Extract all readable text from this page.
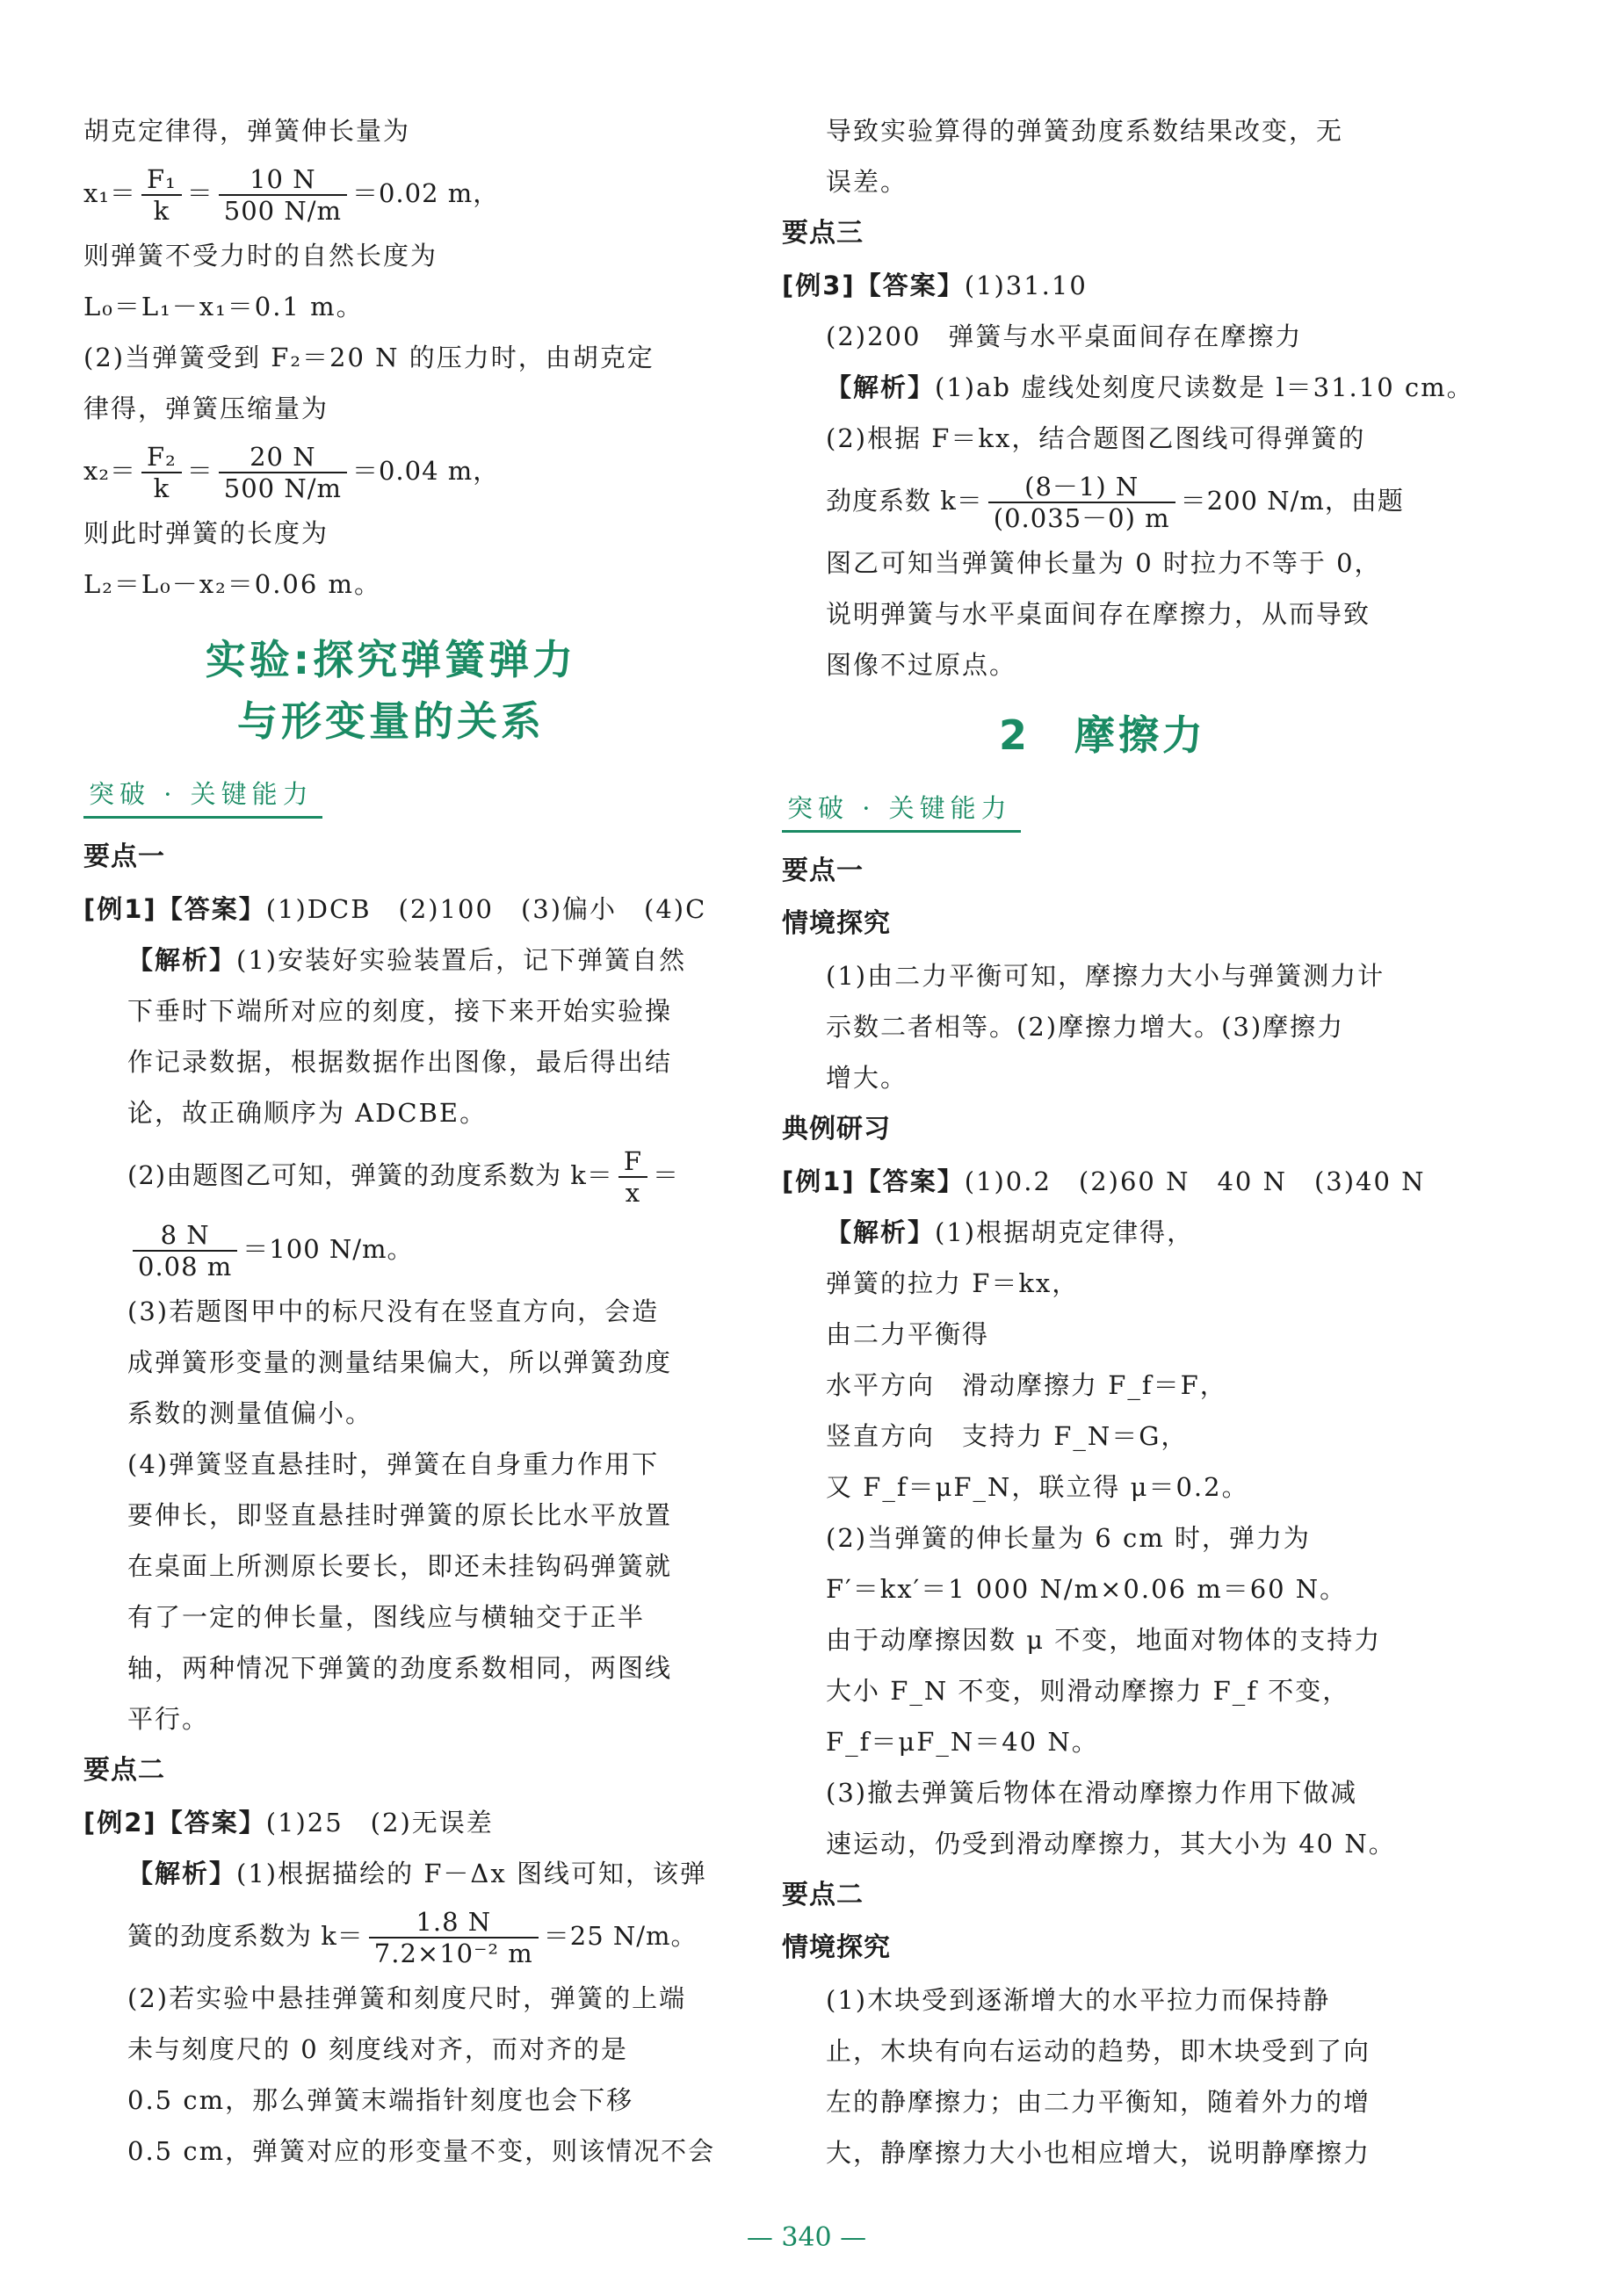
胡克定律得，弹簧伸长量为
$x_1= \frac{\text{F₁}}{k} = \frac{10 N}{500 N/m} =0.02$ m，
则弹簧不受力时的自然长度为
L₀＝L₁－x₁＝0.1 m。
(2)当弹簧受到 F₂＝20 N 的压力时，由胡克定
律得，弹簧压缩量为
$x_2= \frac{\text{F₂}}{k} = \frac{20 N}{500 N/m} =0.04$ m，
则此时弹簧的长度为
L₂＝L₀－x₂＝0.06 m。
实验:探究弹簧弹力
与形变量的关系
突破 · 关键能力
要点一
[例1]【答案】(1)DCB　(2)100　(3)偏小　(4)C
【解析】(1)安装好实验装置后，记下弹簧自然
下垂时下端所对应的刻度，接下来开始实验操
作记录数据，根据数据作出图像，最后得出结
论，故正确顺序为 ADCBE。
(2)由题图乙可知，弹簧的劲度系数为 $k= \frac{F}{x}$ ＝
$\frac{8 N}{0.08 m} =100$ N/m。
(3)若题图甲中的标尺没有在竖直方向，会造
成弹簧形变量的测量结果偏大，所以弹簧劲度
系数的测量值偏小。
(4)弹簧竖直悬挂时，弹簧在自身重力作用下
要伸长，即竖直悬挂时弹簧的原长比水平放置
在桌面上所测原长要长，即还未挂钩码弹簧就
有了一定的伸长量，图线应与横轴交于正半
轴，两种情况下弹簧的劲度系数相同，两图线
平行。
要点二
[例2]【答案】(1)25　(2)无误差
【解析】(1)根据描绘的 F－Δx 图线可知，该弹
簧的劲度系数为 $k= \frac{1.8 N}{\text{7.2×10⁻² m}} =25$ N/m。
(2)若实验中悬挂弹簧和刻度尺时，弹簧的上端
未与刻度尺的 0 刻度线对齐，而对齐的是
0.5 cm，那么弹簧末端指针刻度也会下移
0.5 cm，弹簧对应的形变量不变，则该情况不会
导致实验算得的弹簧劲度系数结果改变，无
误差。
要点三
[例3]【答案】(1)31.10
(2)200　弹簧与水平桌面间存在摩擦力
【解析】(1)ab 虚线处刻度尺读数是 l＝31.10 cm。
(2)根据 F＝kx，结合题图乙图线可得弹簧的
劲度系数 $k= \frac{(8-1) N}{(0.035-0) m} =200$ N/m，由题
图乙可知当弹簧伸长量为 0 时拉力不等于 0，
说明弹簧与水平桌面间存在摩擦力，从而导致
图像不过原点。
2　摩擦力
突破 · 关键能力
要点一
情境探究
(1)由二力平衡可知，摩擦力大小与弹簧测力计
示数二者相等。(2)摩擦力增大。(3)摩擦力
增大。
典例研习
[例1]【答案】(1)0.2　(2)60 N　40 N　(3)40 N
【解析】(1)根据胡克定律得，
弹簧的拉力 F＝kx，
由二力平衡得
水平方向　滑动摩擦力 F_f＝F，
竖直方向　支持力 F_N＝G，
又 F_f＝μF_N，联立得 μ＝0.2。
(2)当弹簧的伸长量为 6 cm 时，弹力为
F′＝kx′＝1 000 N/m×0.06 m＝60 N。
由于动摩擦因数 μ 不变，地面对物体的支持力
大小 F_N 不变，则滑动摩擦力 F_f 不变，
F_f＝μF_N＝40 N。
(3)撤去弹簧后物体在滑动摩擦力作用下做减
速运动，仍受到滑动摩擦力，其大小为 40 N。
要点二
情境探究
(1)木块受到逐渐增大的水平拉力而保持静
止，木块有向右运动的趋势，即木块受到了向
左的静摩擦力；由二力平衡知，随着外力的增
大，静摩擦力大小也相应增大，说明静摩擦力
— 340 —
